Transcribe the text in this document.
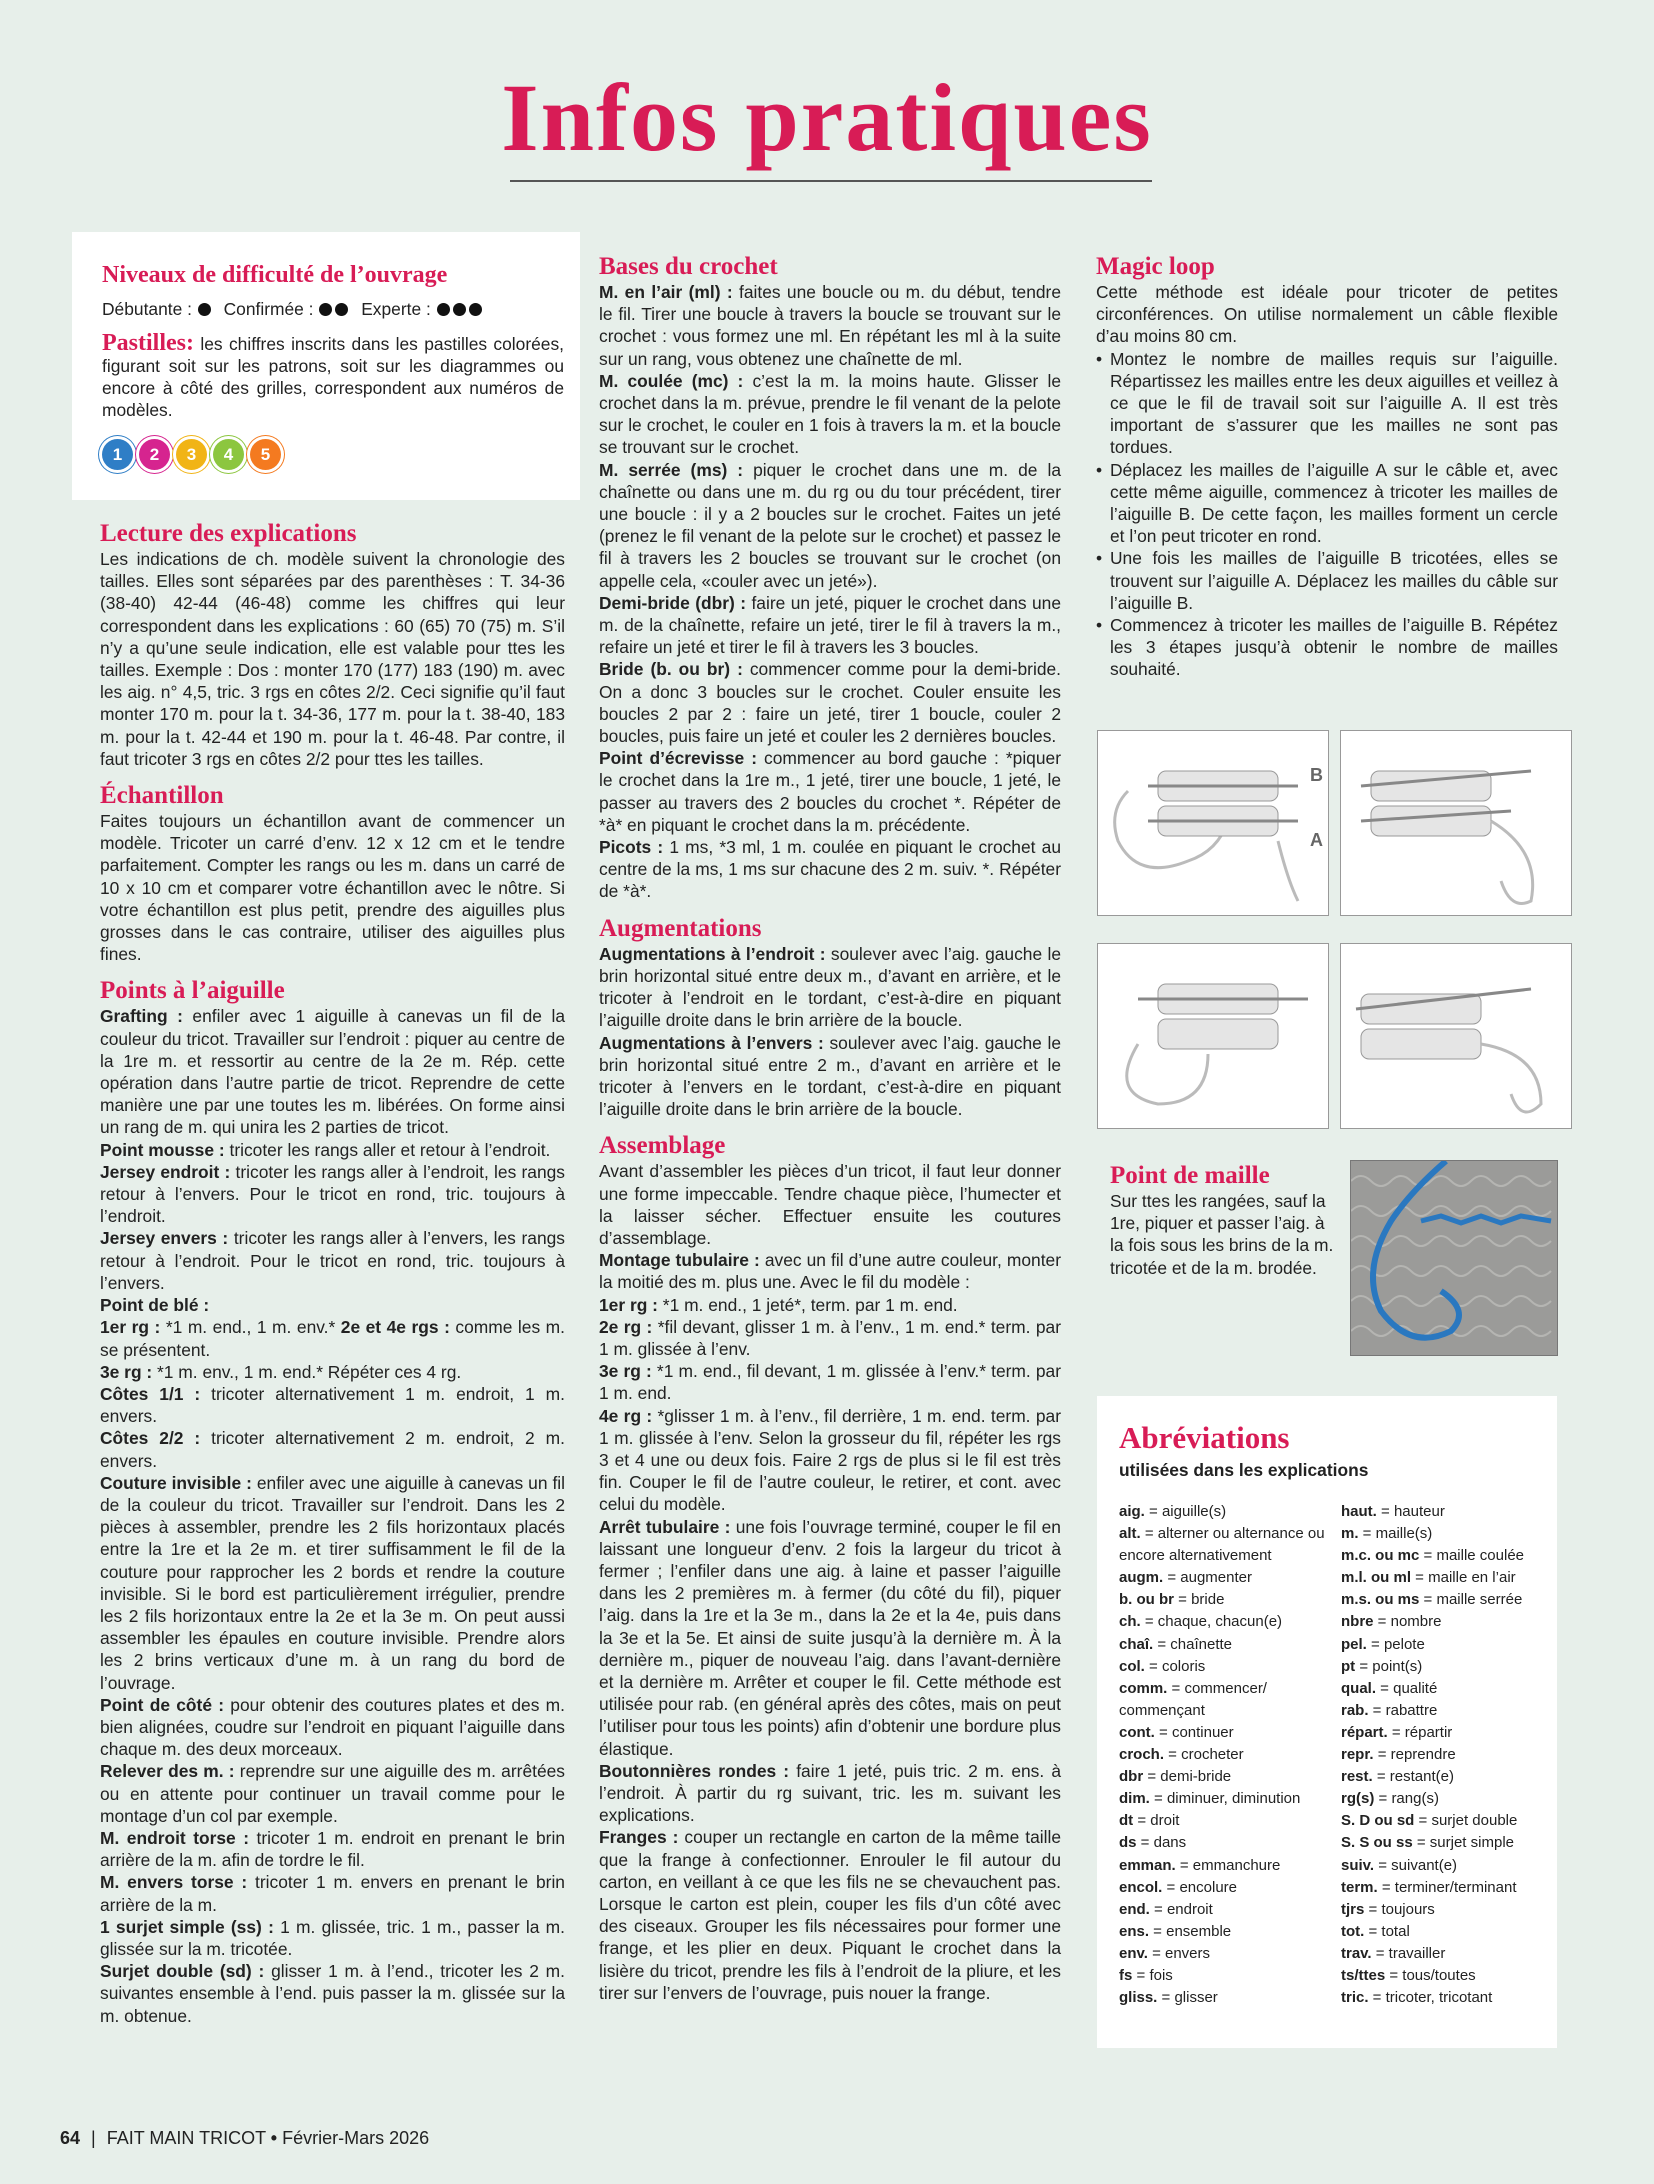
Infos pratiques
Niveaux de difficulté de l’ouvrage
Débutante : Confirmée :	Experte :

Pastilles: les chiffres inscrits dans les pastilles colorées, figurant soit sur les patrons, soit sur les diagrammes ou encore à côté des grilles, correspondent aux numéros de modèles.

1	2	3	4	5
Lecture des explications

Les indications de ch. modèle suivent la chronologie des tailles. Elles sont séparées par des parenthèses : T. 34-36 (38-40) 42-44 (46-48) comme les chiffres qui leur correspondent dans les explications : 60 (65) 70 (75) m. S’il n’y a qu’une seule indication, elle est valable pour ttes les tailles. Exemple : Dos : monter 170 (177) 183 (190) m. avec les aig. n° 4,5, tric. 3 rgs en côtes 2/2. Ceci signifie qu’il faut monter 170 m. pour la t. 34-36, 177 m. pour la t. 38-40, 183 m. pour la t. 42-44 et 190 m. pour la t. 46-48. Par contre, il faut tricoter 3 rgs en côtes 2/2 pour ttes les tailles.

Échantillon

Faites toujours un échantillon avant de commencer un modèle. Tricoter un carré d’env. 12 x 12 cm et le tendre parfaitement. Compter les rangs ou les m. dans un carré de 10 x 10 cm et comparer votre échantillon avec le nôtre. Si votre échantillon est plus petit, prendre des aiguilles plus grosses dans le cas contraire, utiliser des aiguilles plus fines.

Points à l’aiguille

Grafting : enfiler avec 1 aiguille à canevas un fil de la couleur du tricot. Travailler sur l’endroit : piquer au centre de la 1re m. et ressortir au centre de la 2e m. Rép. cette opération dans l’autre partie de tricot. Reprendre de cette manière une par une toutes les m. libérées. On forme ainsi un rang de m. qui unira les 2 parties de tricot.

Point mousse : tricoter les rangs aller et retour à l’endroit.

Jersey endroit : tricoter les rangs aller à l’endroit, les rangs retour à l’envers. Pour le tricot en rond, tric. toujours à l’endroit.

Jersey envers : tricoter les rangs aller à l’envers, les rangs retour à l’endroit. Pour le tricot en rond, tric. toujours à l’envers.

Point de blé :

1er rg : *1 m. end., 1 m. env.* 2e et 4e rgs : comme les m. se présentent.

3e rg : *1 m. env., 1 m. end.* Répéter ces 4 rg.

Côtes 1/1 : tricoter alternativement 1 m. endroit, 1 m. envers.

Côtes 2/2 : tricoter alternativement 2 m. endroit, 2 m. envers.

Couture invisible : enfiler avec une aiguille à canevas un fil de la couleur du tricot. Travailler sur l’endroit. Dans les 2 pièces à assembler, prendre les 2 fils horizontaux placés entre la 1re et la 2e m. et tirer suffisamment le fil de la couture pour rapprocher les 2 bords et rendre la couture invisible. Si le bord est particulièrement irrégulier, prendre les 2 fils horizontaux entre la 2e et la 3e m. On peut aussi assembler les épaules en couture invisible. Prendre alors les 2 brins verticaux d’une m. à un rang du bord de l’ouvrage.

Point de côté : pour obtenir des coutures plates et des m. bien alignées, coudre sur l’endroit en piquant l’aiguille dans chaque m. des deux morceaux.

Relever des m. : reprendre sur une aiguille des m. arrêtées ou en attente pour continuer un travail comme pour le montage d’un col par exemple.

M. endroit torse : tricoter 1 m. endroit en prenant le brin arrière de la m. afin de tordre le fil.

M. envers torse : tricoter 1 m. envers en prenant le brin arrière de la m.

1 surjet simple (ss) : 1 m. glissée, tric. 1 m., passer la m. glissée sur la m. tricotée.

Surjet double (sd) : glisser 1 m. à l’end., tricoter les 2 m. suivantes ensemble à l’end. puis passer la m. glissée sur la m. obtenue.

Bases du crochet

M. en l’air (ml) : faites une boucle ou m. du début, tendre le fil. Tirer une boucle à travers la boucle se trouvant sur le crochet : vous formez une ml. En répétant les ml à la suite sur un rang, vous obtenez une chaînette de ml.

M. coulée (mc) : c’est la m. la moins haute. Glisser le crochet dans la m. prévue, prendre le fil venant de la pelote sur le crochet, le couler en 1 fois à travers la m. et la boucle se trouvant sur le crochet.

M. serrée (ms) : piquer le crochet dans une m. de la chaînette ou dans une m. du rg ou du tour précédent, tirer une boucle : il y a 2 boucles sur le crochet. Faites un jeté (prenez le fil venant de la pelote sur le crochet) et passez le fil à travers les 2 boucles se trouvant sur le crochet (on appelle cela, «couler avec un jeté»).

Demi-bride (dbr) : faire un jeté, piquer le crochet dans une m. de la chaînette, refaire un jeté, tirer le fil à travers la m., refaire un jeté et tirer le fil à travers les 3 boucles.

Bride (b. ou br) : commencer comme pour la demi-bride. On a donc 3 boucles sur le crochet. Couler ensuite les boucles 2 par 2 : faire un jeté, tirer 1 boucle, couler 2 boucles, puis faire un jeté et couler les 2 dernières boucles.

Point d’écrevisse : commencer au bord gauche : *piquer le crochet dans la 1re m., 1 jeté, tirer une boucle, 1 jeté, le passer au travers des 2 boucles du crochet *. Répéter de *à* en piquant le crochet dans la m. précédente.

Picots : 1 ms, *3 ml, 1 m. coulée en piquant le crochet au centre de la ms, 1 ms sur chacune des 2 m. suiv. *. Répéter de *à*.

Augmentations

Augmentations à l’endroit : soulever avec l’aig. gauche le brin horizontal situé entre deux m., d’avant en arrière, et le tricoter à l’endroit en le tordant, c’est-à-dire en piquant l’aiguille droite dans le brin arrière de la boucle.

Augmentations à l’envers : soulever avec l’aig. gauche le brin horizontal situé entre 2 m., d’avant en arrière et le tricoter à l’envers en le tordant, c’est-à-dire en piquant l’aiguille droite dans le brin arrière de la boucle.

Assemblage

Avant d’assembler les pièces d’un tricot, il faut leur donner une forme impeccable. Tendre chaque pièce, l’humecter et la laisser sécher. Effectuer ensuite les coutures d’assemblage.

Montage tubulaire : avec un fil d’une autre couleur, monter la moitié des m. plus une. Avec le fil du modèle :

1er rg : *1 m. end., 1 jeté*, term. par 1 m. end.

2e rg : *fil devant, glisser 1 m. à l’env., 1 m. end.* term. par 1 m. glissée à l’env.

3e rg : *1 m. end., fil devant, 1 m. glissée à l’env.* term. par 1 m. end.

4e rg : *glisser 1 m. à l’env., fil derrière, 1 m. end. term. par 1 m. glissée à l’env. Selon la grosseur du fil, répéter les rgs 3 et 4 une ou deux fois. Faire 2 rgs de plus si le fil est très fin. Couper le fil de l’autre couleur, le retirer, et cont. avec celui du modèle.

Arrêt tubulaire : une fois l’ouvrage terminé, couper le fil en laissant une longueur d’env. 2 fois la largeur du tricot à fermer ; l’enfiler dans une aig. à laine et passer l’aiguille dans les 2 premières m. à fermer (du côté du fil), piquer l’aig. dans la 1re et la 3e m., dans la 2e et la 4e, puis dans la 3e et la 5e. Et ainsi de suite jusqu’à la dernière m. À la dernière m., piquer de nouveau l’aig. dans l’avant-dernière et la dernière m. Arrêter et couper le fil. Cette méthode est utilisée pour rab. (en général après des côtes, mais on peut l’utiliser pour tous les points) afin d’obtenir une bordure plus élastique.

Boutonnières rondes : faire 1 jeté, puis tric. 2 m. ens. à l’endroit. À partir du rg suivant, tric. les m. suivant les explications.

Franges : couper un rectangle en carton de la même taille que la frange à confectionner. Enrouler le fil autour du carton, en veillant à ce que les fils ne se chevauchent pas. Lorsque le carton est plein, couper les fils d’un côté avec des ciseaux. Grouper les fils nécessaires pour former une frange, et les plier en deux. Piquant le crochet dans la lisière du tricot, prendre les fils à l’endroit de la pliure, et les tirer sur l’envers de l’ouvrage, puis nouer la frange.

Magic loop

Cette méthode est idéale pour tricoter de petites circonférences. On utilise normalement un câble flexible d’au moins 80 cm.

• Montez le nombre de mailles requis sur l’aiguille. Répartissez les mailles entre les deux aiguilles et veillez à ce que le fil de travail soit sur l’aiguille A. Il est très important de s’assurer que les mailles ne sont pas tordues.
• Déplacez les mailles de l’aiguille A sur le câble et, avec cette même aiguille, commencez à tricoter les mailles de l’aiguille B. De cette façon, les mailles forment un cercle et l’on peut tricoter en rond.
• Une fois les mailles de l’aiguille B tricotées, elles se trouvent sur l’aiguille A. Déplacez les mailles du câble sur l’aiguille B.
• Commencez à tricoter les mailles de l’aiguille B. Répétez les 3 étapes jusqu’à obtenir le nombre de mailles souhaité.
B
A
Point de maille

Sur ttes les rangées, sauf la 1re, piquer et passer l’aig. à la fois sous les brins de la m. tricotée et de la m. brodée.

Abréviations
utilisées dans les explications
aig. = aiguille(s)
alt. = alterner ou alternance ou encore alternativement
augm. = augmenter
b. ou br = bride
ch. = chaque, chacun(e)
chaî. = chaînette
col. = coloris
comm. = commencer/ commençant
cont. = continuer
croch. = crocheter
dbr = demi-bride
dim. = diminuer, diminution
dt = droit
ds = dans
emman. = emmanchure
encol. = encolure
end. = endroit
ens. = ensemble
env. = envers
fs = fois
gliss. = glisser
haut. = hauteur
m. = maille(s)
m.c. ou mc = maille coulée
m.l. ou ml = maille en l’air
m.s. ou ms = maille serrée
nbre = nombre
pel. = pelote
pt = point(s)
qual. = qualité
rab. = rabattre
répart. = répartir
repr. = reprendre
rest. = restant(e)
rg(s) = rang(s)
S. D ou sd = surjet double
S. S ou ss = surjet simple
suiv. = suivant(e)
term. = terminer/terminant
tjrs = toujours
tot. = total
trav. = travailler
ts/ttes = tous/toutes
tric. = tricoter, tricotant
64 | FAIT MAIN TRICOT • Février-Mars 2026
